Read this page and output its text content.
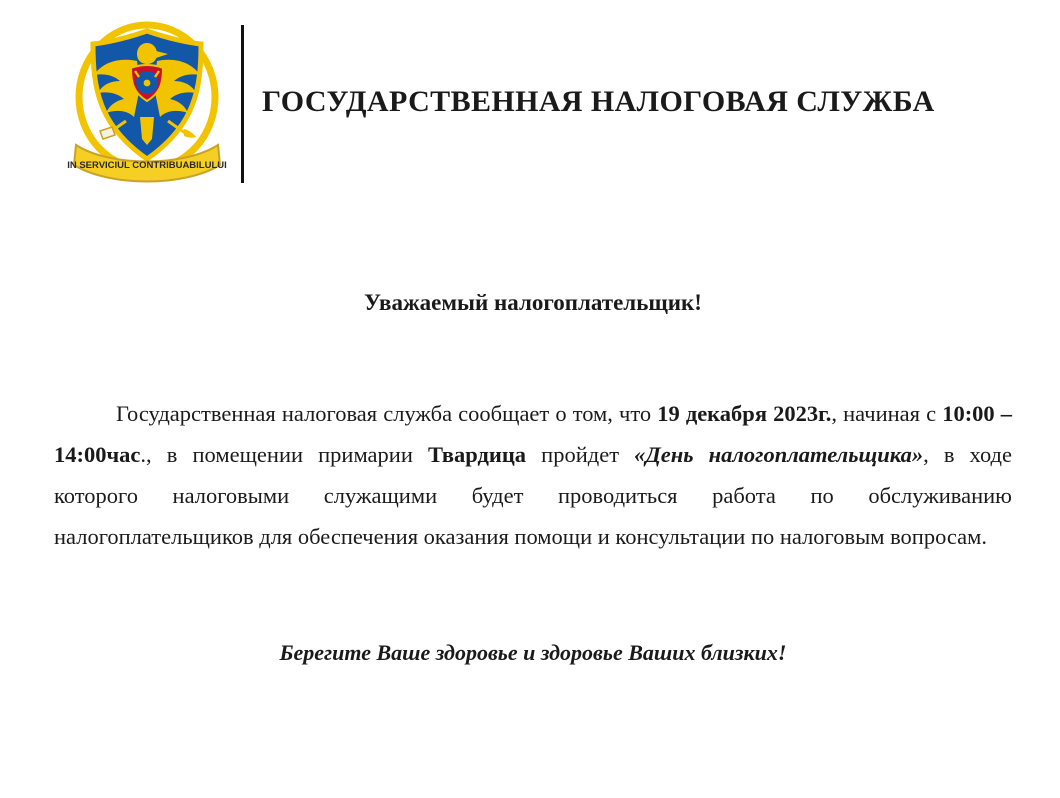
IN SERVICIUL CONTRIBUABILULUI
ГОСУДАРСТВЕННАЯ НАЛОГОВАЯ СЛУЖБА
Уважаемый налогоплательщик!

Государственная налоговая служба сообщает о том, что 19 декабря 2023г., начиная с 10:00 – 14:00час., в помещении примарии Твардица пройдет «День налогоплательщика», в ходе которого налоговыми служащими будет проводиться работа по обслуживанию налогоплательщиков для обеспечения оказания помощи и консультации по налоговым вопросам.

Берегите Ваше здоровье и здоровье Ваших близких!
